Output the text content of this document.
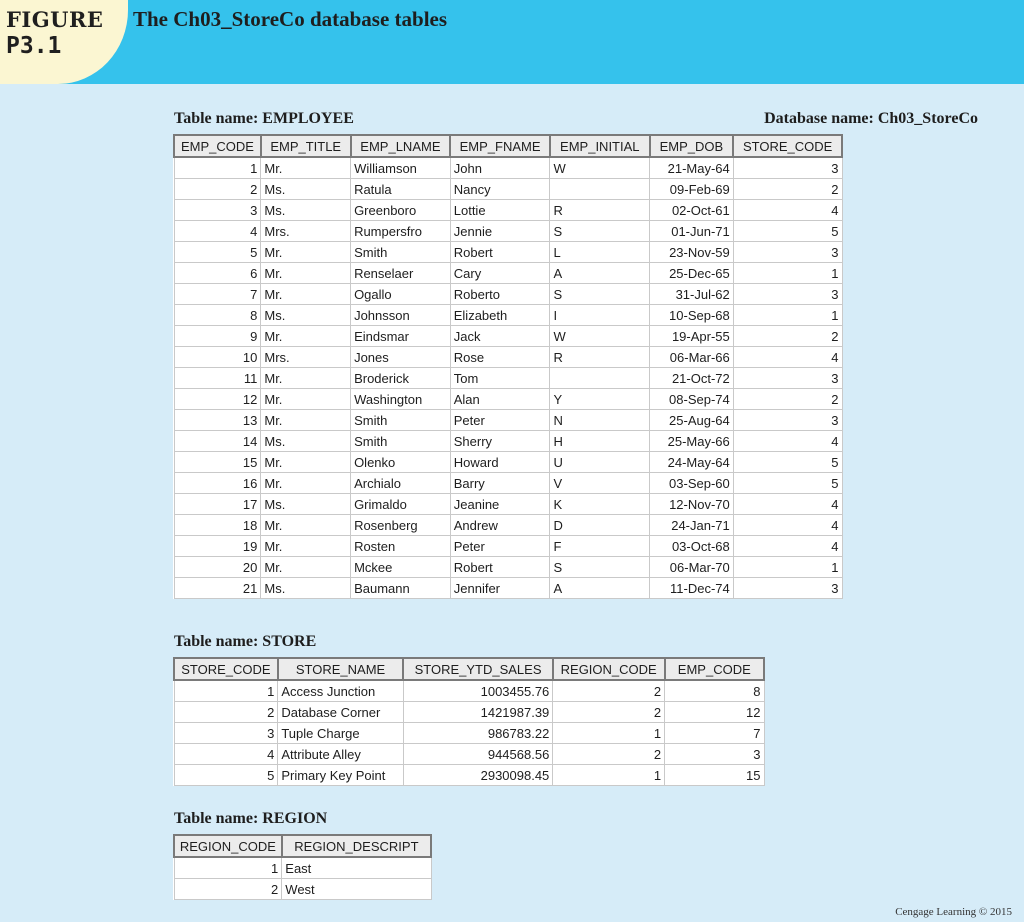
FIGURE
P3.1
The Ch03_StoreCo database tables
Table name: EMPLOYEE	Database name: Ch03_StoreCo
EMP_CODE	EMP_TITLE	EMP_LNAME	EMP_FNAME	EMP_INITIAL	EMP_DOB	STORE_CODE
1	Mr.	Williamson	John	W	21-May-64	3
2	Ms.	Ratula	Nancy		09-Feb-69	2
3	Ms.	Greenboro	Lottie	R	02-Oct-61	4
4	Mrs.	Rumpersfro	Jennie	S	01-Jun-71	5
5	Mr.	Smith	Robert	L	23-Nov-59	3
6	Mr.	Renselaer	Cary	A	25-Dec-65	1
7	Mr.	Ogallo	Roberto	S	31-Jul-62	3
8	Ms.	Johnsson	Elizabeth	I	10-Sep-68	1
9	Mr.	Eindsmar	Jack	W	19-Apr-55	2
10	Mrs.	Jones	Rose	R	06-Mar-66	4
11	Mr.	Broderick	Tom		21-Oct-72	3
12	Mr.	Washington	Alan	Y	08-Sep-74	2
13	Mr.	Smith	Peter	N	25-Aug-64	3
14	Ms.	Smith	Sherry	H	25-May-66	4
15	Mr.	Olenko	Howard	U	24-May-64	5
16	Mr.	Archialo	Barry	V	03-Sep-60	5
17	Ms.	Grimaldo	Jeanine	K	12-Nov-70	4
18	Mr.	Rosenberg	Andrew	D	24-Jan-71	4
19	Mr.	Rosten	Peter	F	03-Oct-68	4
20	Mr.	Mckee	Robert	S	06-Mar-70	1
21	Ms.	Baumann	Jennifer	A	11-Dec-74	3
Table name: STORE
STORE_CODE	STORE_NAME	STORE_YTD_SALES	REGION_CODE	EMP_CODE
1	Access Junction	1003455.76	2	8
2	Database Corner	1421987.39	2	12
3	Tuple Charge	986783.22	1	7
4	Attribute Alley	944568.56	2	3
5	Primary Key Point	2930098.45	1	15
Table name: REGION
REGION_CODE	REGION_DESCRIPT
1	East
2	West
Cengage Learning © 2015
